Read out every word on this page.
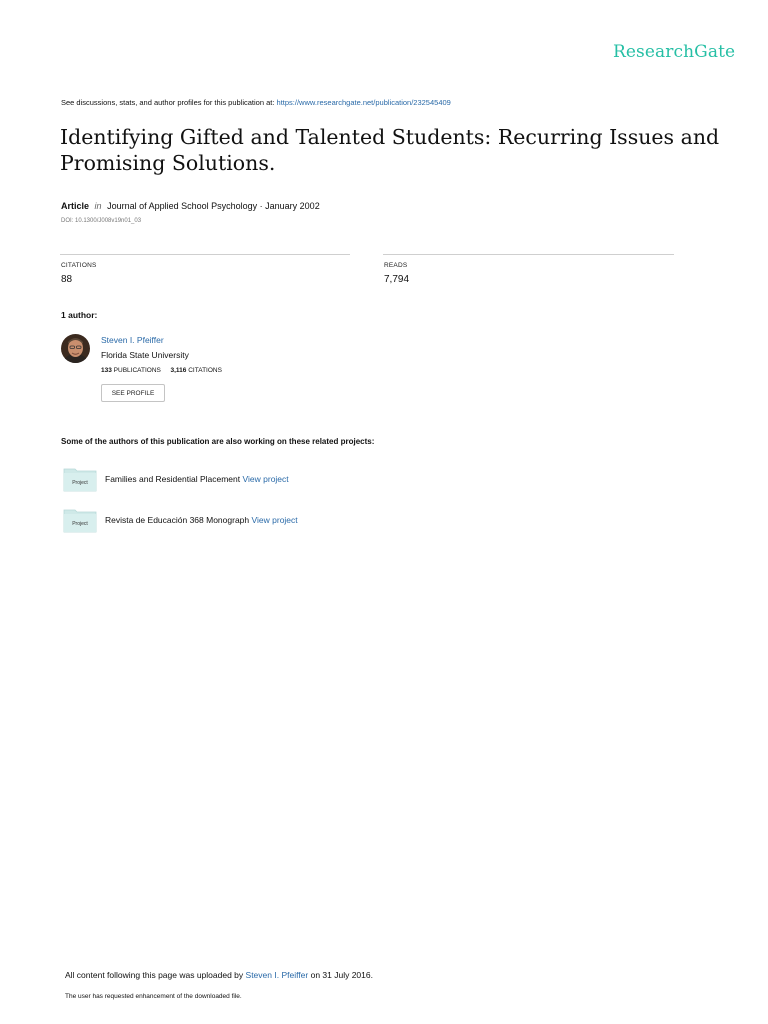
ResearchGate
See discussions, stats, and author profiles for this publication at: https://www.researchgate.net/publication/232545409
Identifying Gifted and Talented Students: Recurring Issues and Promising Solutions.
Article in Journal of Applied School Psychology · January 2002
DOI: 10.1300/J008v19n01_03
CITATIONS
88
READS
7,794
1 author:
Steven I. Pfeiffer
Florida State University
133 PUBLICATIONS 3,116 CITATIONS
SEE PROFILE
Some of the authors of this publication are also working on these related projects:
Project Families and Residential Placement View project
Project Revista de Educación 368 Monograph View project
All content following this page was uploaded by Steven I. Pfeiffer on 31 July 2016.
The user has requested enhancement of the downloaded file.
